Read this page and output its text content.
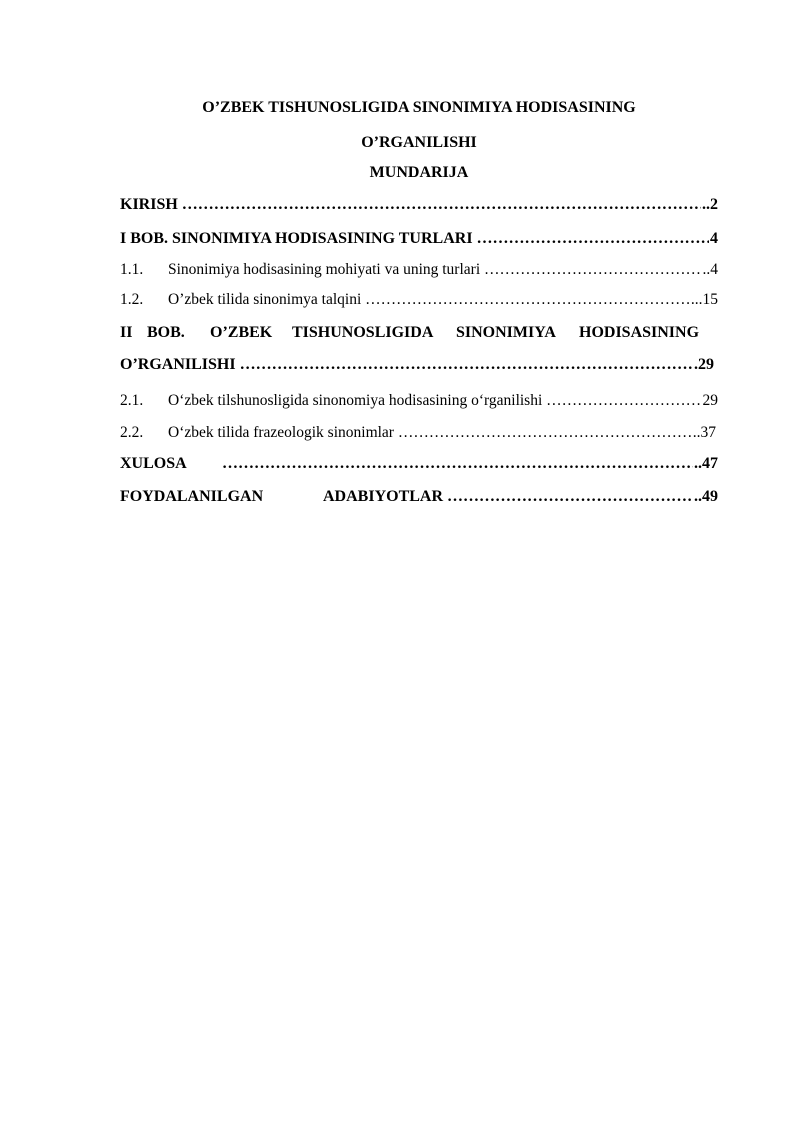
O’ZBEK TISHUNOSLIGIDA SINONIMIYA HODISASINING
O’RGANILISHI
MUNDARIJA
KIRISH ……………………………………………………………………………………………………………………………………………………………………………………………………………………	..2
I BOB. SINONIMIYA HODISASINING TURLARI ……………………………………………………………………………………………………………………………………………………………………………………………………………………	4
1.1. Sinonimiya hodisasining mohiyati va uning turlari ……………………………………………………………………………………………………………………………………………………………………………………………………………………	..4
1.2. O’zbek tilida sinonimya talqini ……………………………………………………………………………………………………………………………………………………………………………………………………………………	...15
II BOB. O’ZBEK TISHUNOSLIGIDA SINONIMIYA HODISASINING
O’RGANILISHI ……………………………………………………………………………………………………………………………………………………………………………………………………………………	.29
2.1. O‘zbek tilshunosligida sinonomiya hodisasining o‘rganilishi ……………………………………………………………………………………………………………………………………………………………………………………………………………………	29
2.2. O‘zbek tilida frazeologik sinonimlar ……………………………………………………………………………………………………………………………………………………………………………………………………………………	..37
XULOSA ……………………………………………………………………………………………………………………………………………………………………………………………………………………	..47
FOYDALANILGAN	ADABIYOTLAR ……………………………………………………………………………………………………………………………………………………………………………………………………………………	..49
